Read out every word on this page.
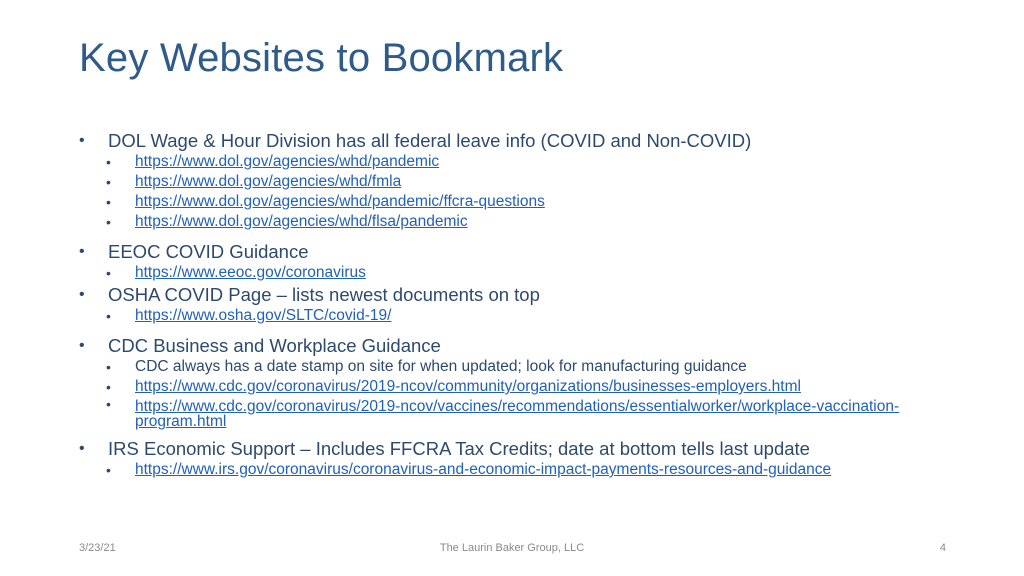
Key Websites to Bookmark
• DOL Wage & Hour Division has all federal leave info (COVID and Non-COVID)
• https://www.dol.gov/agencies/whd/pandemic
• https://www.dol.gov/agencies/whd/fmla
• https://www.dol.gov/agencies/whd/pandemic/ffcra-questions
• https://www.dol.gov/agencies/whd/flsa/pandemic
• EEOC COVID Guidance
• https://www.eeoc.gov/coronavirus
• OSHA COVID Page – lists newest documents on top
• https://www.osha.gov/SLTC/covid-19/
• CDC Business and Workplace Guidance
• CDC always has a date stamp on site for when updated; look for manufacturing guidance
• https://www.cdc.gov/coronavirus/2019-ncov/community/organizations/businesses-employers.html
• https://www.cdc.gov/coronavirus/2019-ncov/vaccines/recommendations/essentialworker/workplace-vaccination-program.html
• IRS Economic Support – Includes FFCRA Tax Credits; date at bottom tells last update
• https://www.irs.gov/coronavirus/coronavirus-and-economic-impact-payments-resources-and-guidance
3/23/21	The Laurin Baker Group, LLC	4
